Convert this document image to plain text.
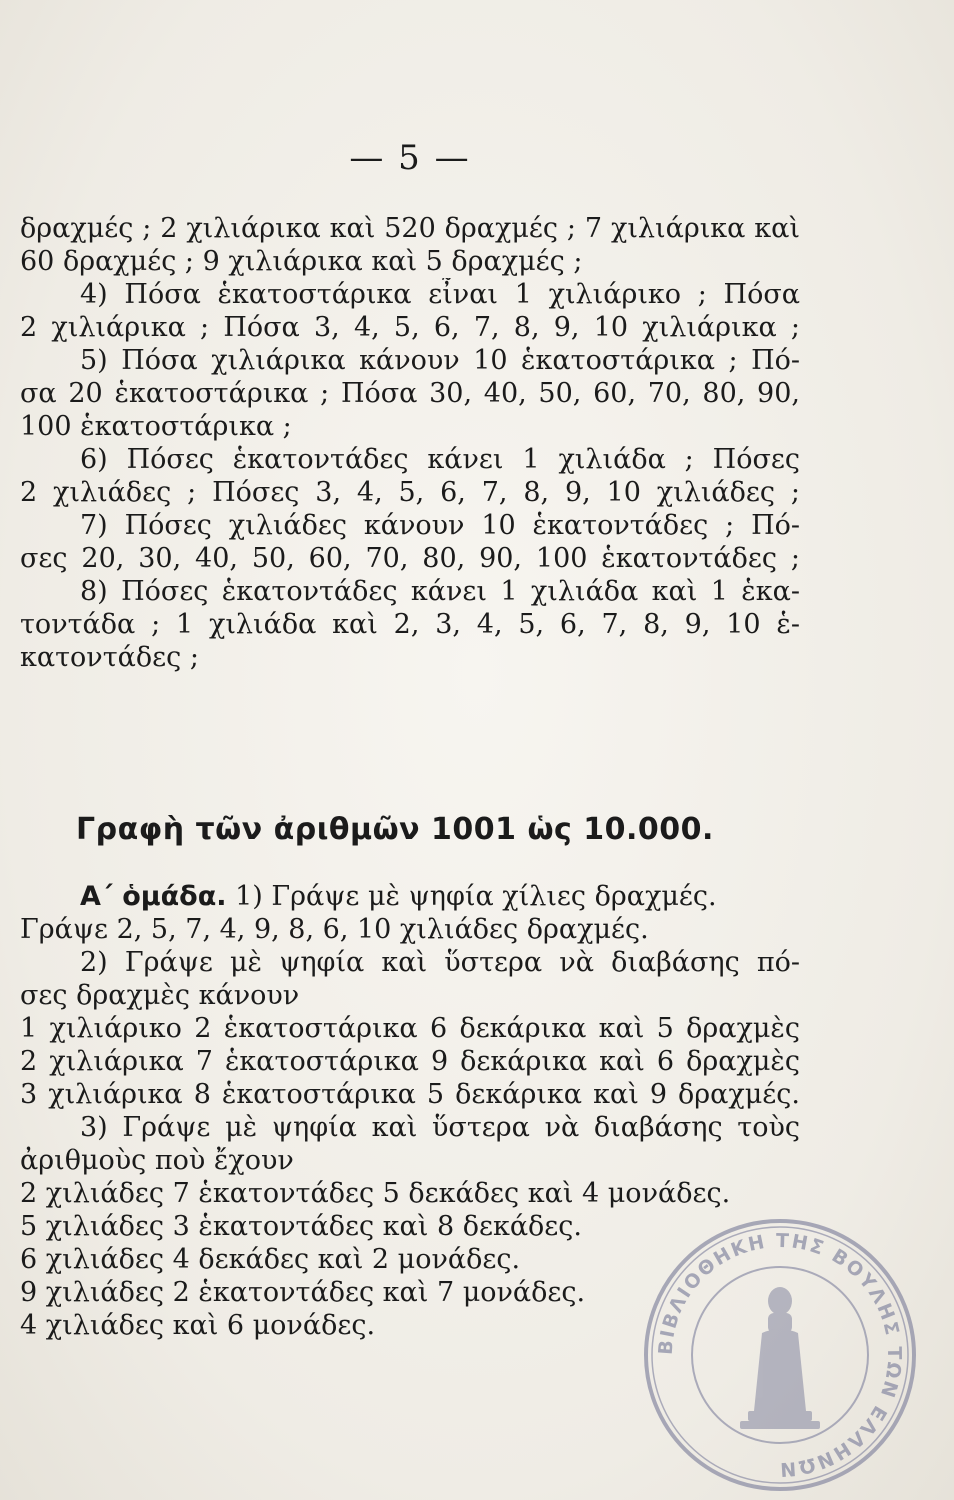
— 5 —
δραχμές ; 2 χιλιάρικα καὶ 520 δραχμές ; 7 χιλιάρικα καὶ
60 δραχμές ; 9 χιλιάρικα καὶ 5 δραχμές ;
4) Πόσα ἑκατοστάρικα εἶναι 1 χιλιάρικο ; Πόσα
2 χιλιάρικα ; Πόσα 3, 4, 5, 6, 7, 8, 9, 10 χιλιάρικα ;
5) Πόσα χιλιάρικα κάνουν 10 ἑκατοστάρικα ; Πό-
σα 20 ἑκατοστάρικα ; Πόσα 30, 40, 50, 60, 70, 80, 90,
100 ἑκατοστάρικα ;
6) Πόσες ἑκατοντάδες κάνει 1 χιλιάδα ; Πόσες
2 χιλιάδες ; Πόσες 3, 4, 5, 6, 7, 8, 9, 10 χιλιάδες ;
7) Πόσες χιλιάδες κάνουν 10 ἑκατοντάδες ; Πό-
σες 20, 30, 40, 50, 60, 70, 80, 90, 100 ἑκατοντάδες ;
8) Πόσες ἑκατοντάδες κάνει 1 χιλιάδα καὶ 1 ἑκα-
τοντάδα ; 1 χιλιάδα καὶ 2, 3, 4, 5, 6, 7, 8, 9, 10 ἑ-
κατοντάδες ;
Γραφὴ τῶν ἀριθμῶν 1001 ὡς 10.000.
Α΄ ὁμάδα. 1) Γράψε μὲ ψηφία χίλιες δραχμές.
Γράψε 2, 5, 7, 4, 9, 8, 6, 10 χιλιάδες δραχμές.
2) Γράψε μὲ ψηφία καὶ ὕστερα νὰ διαβάσης πό-
σες δραχμὲς κάνουν
1 χιλιάρικο 2 ἑκατοστάρικα 6 δεκάρικα καὶ 5 δραχμὲς
2 χιλιάρικα 7 ἑκατοστάρικα 9 δεκάρικα καὶ 6 δραχμὲς
3 χιλιάρικα 8 ἑκατοστάρικα 5 δεκάρικα καὶ 9 δραχμές.
3) Γράψε μὲ ψηφία καὶ ὕστερα νὰ διαβάσης τοὺς
ἀριθμοὺς ποὺ ἔχουν
2 χιλιάδες 7 ἑκατοντάδες 5 δεκάδες καὶ 4 μονάδες.
5 χιλιάδες 3 ἑκατοντάδες καὶ 8 δεκάδες.
6 χιλιάδες 4 δεκάδες καὶ 2 μονάδες.
9 χιλιάδες 2 ἑκατοντάδες καὶ 7 μονάδες.
4 χιλιάδες καὶ 6 μονάδες.
ΒΙΒΛΙΟΘΗΚΗ ΤΗΣ ΒΟΥΛΗΣ ΤΩΝ ΕΛΛΗΝΩΝ
